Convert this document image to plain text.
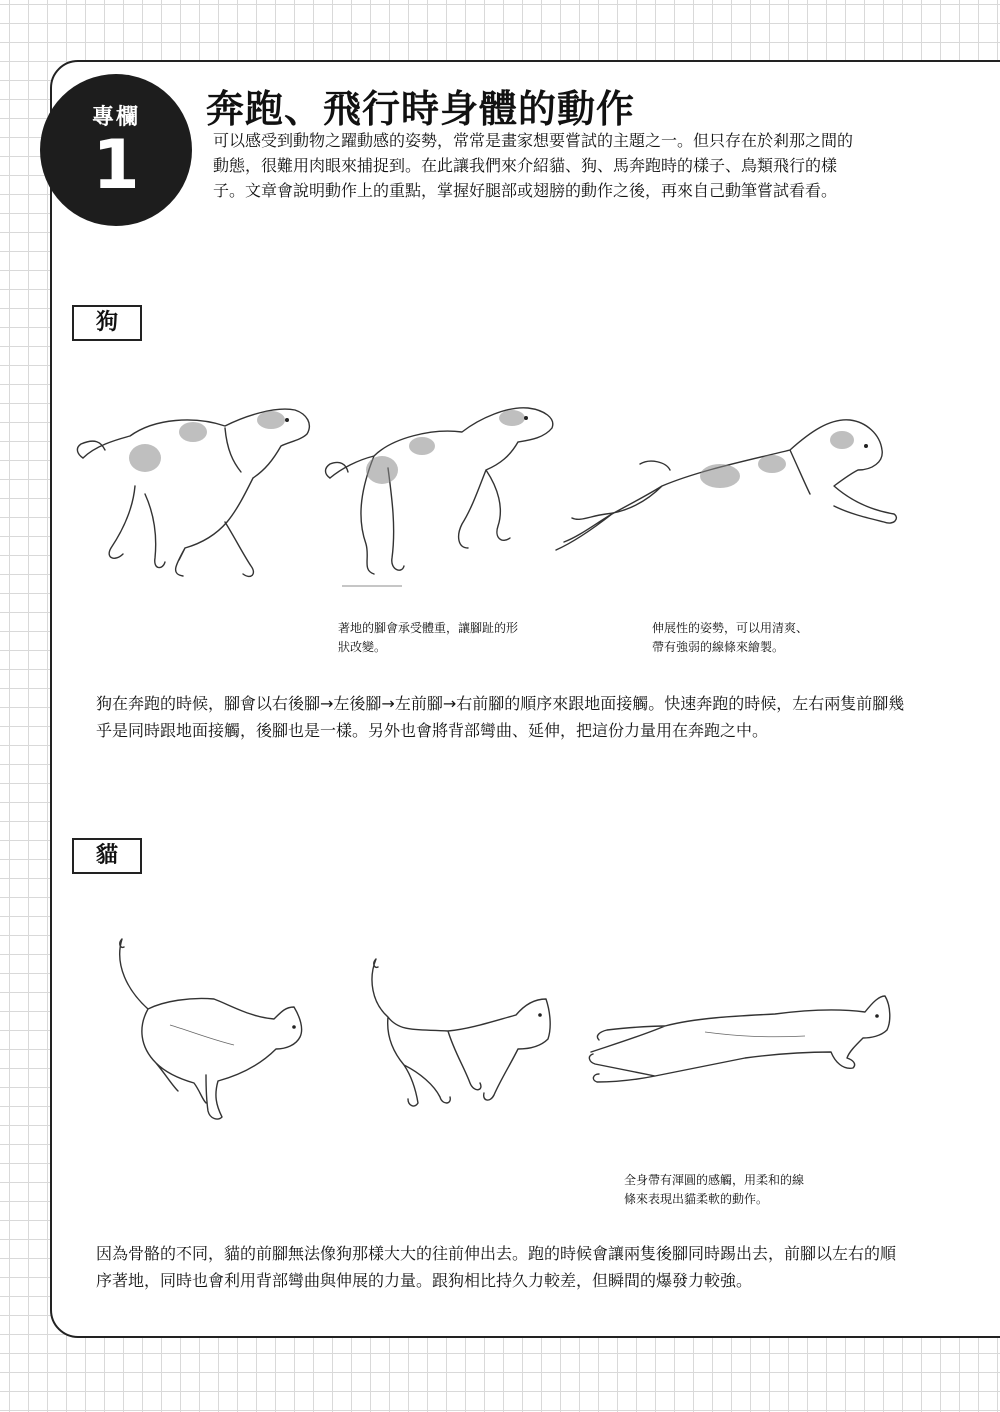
專欄
1
奔跑、飛行時身體的動作

可以感受到動物之躍動感的姿勢，常常是畫家想要嘗試的主題之一。但只存在於剎那之間的動態，很難用肉眼來捕捉到。在此讓我們來介紹貓、狗、馬奔跑時的樣子、鳥類飛行的樣子。文章會說明動作上的重點，掌握好腿部或翅膀的動作之後，再來自己動筆嘗試看看。

狗

著地的腳會承受體重，讓腳趾的形狀改變。

伸展性的姿勢，可以用清爽、帶有強弱的線條來繪製。

狗在奔跑的時候，腳會以右後腳→左後腳→左前腳→右前腳的順序來跟地面接觸。快速奔跑的時候，左右兩隻前腳幾乎是同時跟地面接觸，後腳也是一樣。另外也會將背部彎曲、延伸，把這份力量用在奔跑之中。

貓

全身帶有渾圓的感觸，用柔和的線條來表現出貓柔軟的動作。

因為骨骼的不同，貓的前腳無法像狗那樣大大的往前伸出去。跑的時候會讓兩隻後腳同時踢出去，前腳以左右的順序著地，同時也會利用背部彎曲與伸展的力量。跟狗相比持久力較差，但瞬間的爆發力較強。
